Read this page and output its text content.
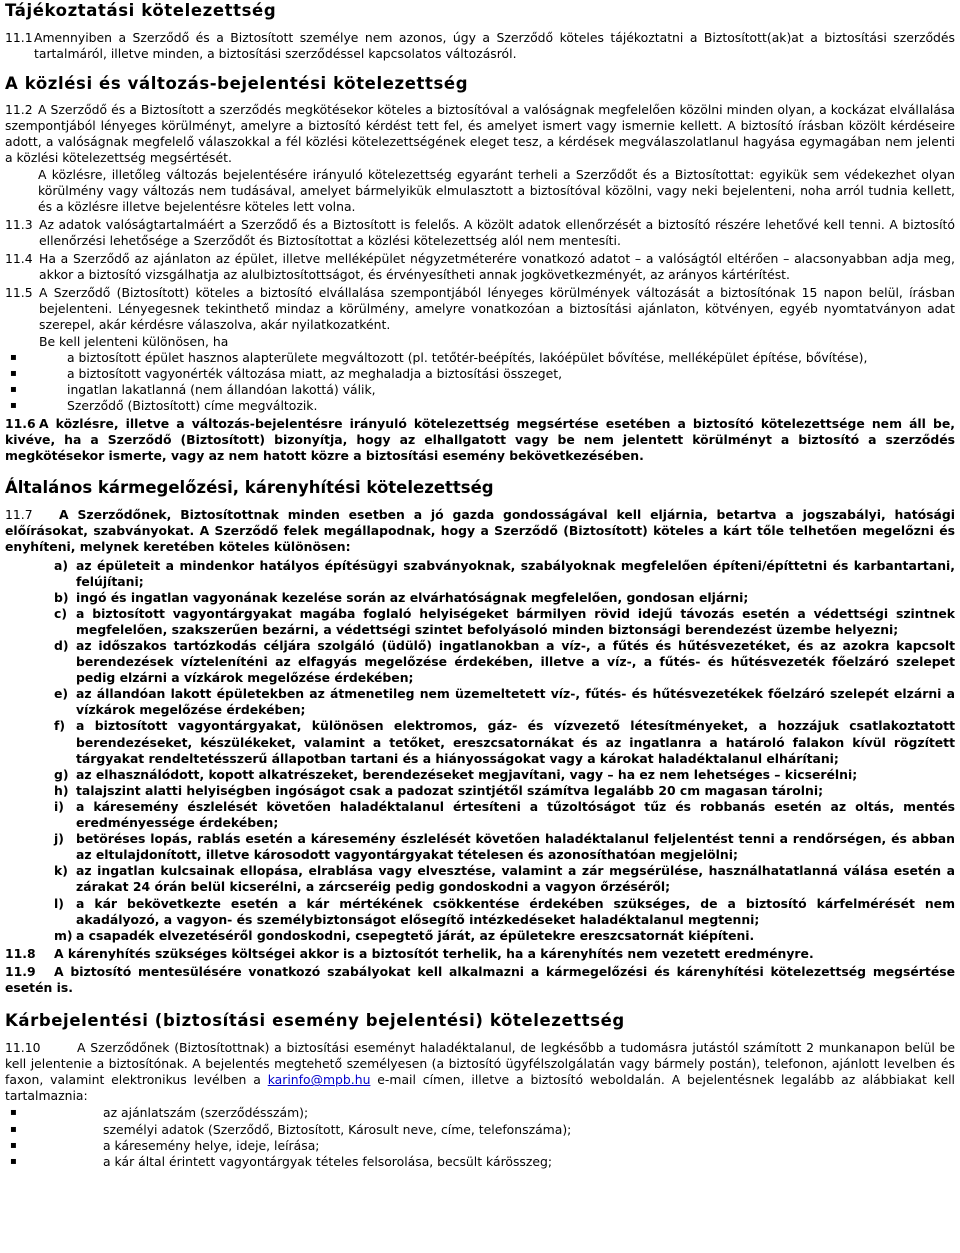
Tájékoztatási kötelezettség
11.1 Amennyiben a Szerződő és a Biztosított személye nem azonos, úgy a Szerződő köteles tájékoztatni a Biztosított(ak)at a biztosítási szerződés tartalmáról, illetve minden, a biztosítási szerződéssel kapcsolatos változásról.
A közlési és változás-bejelentési kötelezettség
11.2 A Szerződő és a Biztosított a szerződés megkötésekor köteles a biztosítóval a valóságnak megfelelően közölni minden olyan, a kockázat elvállalása szempontjából lényeges körülményt, amelyre a biztosító kérdést tett fel, és amelyet ismert vagy ismernie kellett. A biztosító írásban közölt kérdéseire adott, a valóságnak megfelelő válaszokkal a fél közlési kötelezettségének eleget tesz, a kérdések megválaszolatlanul hagyása egymagában nem jelenti a közlési kötelezettség megsértését.

A közlésre, illetőleg változás bejelentésére irányuló kötelezettség egyaránt terheli a Szerződőt és a Biztosítottat: egyikük sem védekezhet olyan körülmény vagy változás nem tudásával, amelyet bármelyikük elmulasztott a biztosítóval közölni, vagy neki bejelenteni, noha arról tudnia kellett, és a közlésre illetve bejelentésre köteles lett volna.
11.3 Az adatok valóságtartalmáért a Szerződő és a Biztosított is felelős. A közölt adatok ellenőrzését a biztosító részére lehetővé kell tenni. A biztosító ellenőrzési lehetősége a Szerződőt és Biztosítottat a közlési kötelezettség alól nem mentesíti.
11.4 Ha a Szerződő az ajánlaton az épület, illetve melléképület négyzetméterére vonatkozó adatot – a valóságtól eltérően – alacsonyabban adja meg, akkor a biztosító vizsgálhatja az alulbiztosítottságot, és érvényesítheti annak jogkövetkezményét, az arányos kártérítést.
11.5 A Szerződő (Biztosított) köteles a biztosító elvállalása szempontjából lényeges körülmények változását a biztosítónak 15 napon belül, írásban bejelenteni. Lényegesnek tekinthető mindaz a körülmény, amelyre vonatkozóan a biztosítási ajánlaton, kötvényen, egyéb nyomtatványon adat szerepel, akár kérdésre válaszolva, akár nyilatkozatként.

Be kell jelenteni különösen, ha

▪ a biztosított épület hasznos alapterülete megváltozott (pl. tetőtér-beépítés, lakóépület bővítése, melléképület építése, bővítése),
▪ a biztosított vagyonérték változása miatt, az meghaladja a biztosítási összeget,
▪ ingatlan lakatlanná (nem állandóan lakottá) válik,
▪ Szerződő (Biztosított) címe megváltozik.
11.6 A közlésre, illetve a változás-bejelentésre irányuló kötelezettség megsértése esetében a biztosító kötelezettsége nem áll be, kivéve, ha a Szerződő (Biztosított) bizonyítja, hogy az elhallgatott vagy be nem jelentett körülményt a biztosító a szerződés megkötésekor ismerte, vagy az nem hatott közre a biztosítási esemény bekövetkezésében.
Általános kármegelőzési, kárenyhítési kötelezettség
11.7	A Szerződőnek, Biztosítottnak minden esetben a jó gazda gondosságával kell eljárnia, betartva a jogszabályi, hatósági előírásokat, szabványokat. A Szerződő felek megállapodnak, hogy a Szerződő (Biztosított) köteles a kárt tőle telhetően megelőzni és enyhíteni, melynek keretében köteles különösen:
a) az épületeit a mindenkor hatályos építésügyi szabványoknak, szabályoknak megfelelően építeni/építtetni és karbantartani, felújítani;
b) ingó és ingatlan vagyonának kezelése során az elvárhatóságnak megfelelően, gondosan eljárni;
c) a biztosított vagyontárgyakat magába foglaló helyiségeket bármilyen rövid idejű távozás esetén a védettségi szintnek megfelelően, szakszerűen bezárni, a védettségi szintet befolyásoló minden biztonsági berendezést üzembe helyezni;
d) az időszakos tartózkodás céljára szolgáló (üdülő) ingatlanokban a víz-, a fűtés és hűtésvezetéket, és az azokra kapcsolt berendezések vízteleníténi az elfagyás megelőzése érdekében, illetve a víz-, a fűtés- és hűtésvezeték főelzáró szelepet pedig elzárni a vízkárok megelőzése érdekében;
e) az állandóan lakott épületekben az átmenetileg nem üzemeltetett víz-, fűtés- és hűtésvezetékek főelzáró szelepét elzárni a vízkárok megelőzése érdekében;
f) a biztosított vagyontárgyakat, különösen elektromos, gáz- és vízvezető létesítményeket, a hozzájuk csatlakoztatott berendezéseket, készülékeket, valamint a tetőket, ereszcsatornákat és az ingatlanra a határoló falakon kívül rögzített tárgyakat rendeltetésszerű állapotban tartani és a hiányosságokat vagy a károkat haladéktalanul elhárítani;
g) az elhasználódott, kopott alkatrészeket, berendezéseket megjavítani, vagy – ha ez nem lehetséges – kicserélni;
h) talajszint alatti helyiségben ingóságot csak a padozat szintjétől számítva legalább 20 cm magasan tárolni;
i) a káresemény észlelését követően haladéktalanul értesíteni a tűzoltóságot tűz és robbanás esetén az oltás, mentés eredményessége érdekében;
j) betöréses lopás, rablás esetén a káresemény észlelését követően haladéktalanul feljelentést tenni a rendőrségen, és abban az eltulajdonított, illetve károsodott vagyontárgyakat tételesen és azonosíthatóan megjelölni;
k) az ingatlan kulcsainak ellopása, elrablása vagy elvesztése, valamint a zár megsérülése, használhatatlanná válása esetén a zárakat 24 órán belül kicserélni, a zárcseréig pedig gondoskodni a vagyon őrzéséről;
l) a kár bekövetkezte esetén a kár mértékének csökkentése érdekében szükséges, de a biztosító kárfelmérését nem akadályozó, a vagyon- és személybiztonságot elősegítő intézkedéseket haladéktalanul megtenni;
m) a csapadék elvezetéséről gondoskodni, csepegtető járát, az épületekre ereszcsatornát kiépíteni.
11.8	A kárenyhítés szükséges költségei akkor is a biztosítót terhelik, ha a kárenyhítés nem vezetett eredményre.
11.9	A biztosító mentesülésére vonatkozó szabályokat kell alkalmazni a kármegelőzési és kárenyhítési kötelezettség megsértése esetén is.
Kárbejelentési (biztosítási esemény bejelentési) kötelezettség
11.10	A Szerződőnek (Biztosítottnak) a biztosítási eseményt haladéktalanul, de legkésőbb a tudomásra jutástól számított 2 munkanapon belül be kell jelentenie a biztosítónak. A bejelentés megtehető személyesen (a biztosító ügyfélszolgálatán vagy bármely postán), telefonon, ajánlott levelben és faxon, valamint elektronikus levélben a karinfo@mpb.hu e-mail címen, illetve a biztosító weboldalán. A bejelentésnek legalább az alábbiakat kell tartalmaznia:
▪ az ajánlatszám (szerződésszám);
▪ személyi adatok (Szerződő, Biztosított, Károsult neve, címe, telefonszáma);
▪ a káresemény helye, ideje, leírása;
▪ a kár által érintett vagyontárgyak tételes felsorolása, becsült kárösszeg;
